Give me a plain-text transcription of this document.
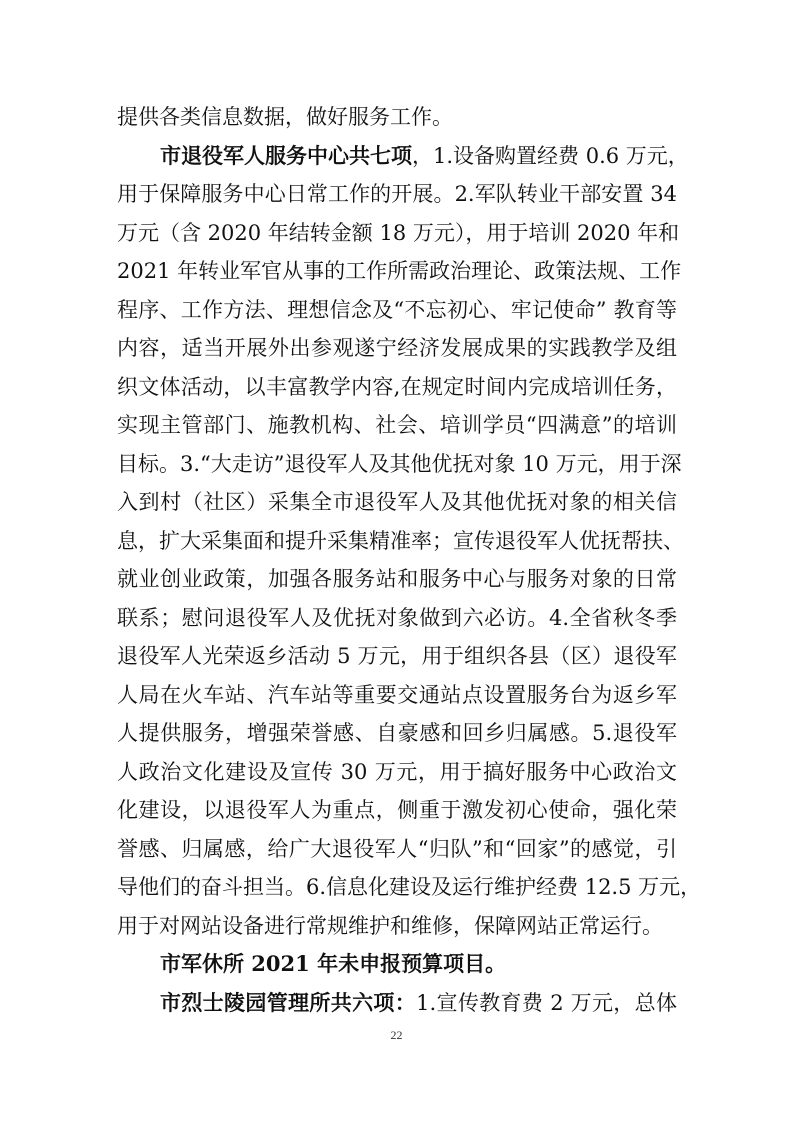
22
提供各类信息数据，做好服务工作。
市退役军人服务中心共七项，1.设备购置经费 0.6 万元，
用于保障服务中心日常工作的开展。2.军队转业干部安置 34
万元（含 2020 年结转金额 18 万元），用于培训 2020 年和
2021 年转业军官从事的工作所需政治理论、政策法规、工作
程序、工作方法、理想信念及“不忘初心、牢记使命” 教育等
内容，适当开展外出参观遂宁经济发展成果的实践教学及组
织文体活动，以丰富教学内容,在规定时间内完成培训任务，
实现主管部门、施教机构、社会、培训学员“四满意”的培训
目标。3.“大走访”退役军人及其他优抚对象 10 万元，用于深
入到村（社区）采集全市退役军人及其他优抚对象的相关信
息，扩大采集面和提升采集精准率；宣传退役军人优抚帮扶、
就业创业政策，加强各服务站和服务中心与服务对象的日常
联系；慰问退役军人及优抚对象做到六必访。4.全省秋冬季
退役军人光荣返乡活动 5 万元，用于组织各县（区）退役军
人局在火车站、汽车站等重要交通站点设置服务台为返乡军
人提供服务，增强荣誉感、自豪感和回乡归属感。5.退役军
人政治文化建设及宣传 30 万元，用于搞好服务中心政治文
化建设，以退役军人为重点，侧重于激发初心使命，强化荣
誉感、归属感，给广大退役军人“归队”和“回家”的感觉，引
导他们的奋斗担当。6.信息化建设及运行维护经费 12.5 万元，
用于对网站设备进行常规维护和维修，保障网站正常运行。
市军休所 2021 年未申报预算项目。
市烈士陵园管理所共六项：1.宣传教育费 2 万元，总体
